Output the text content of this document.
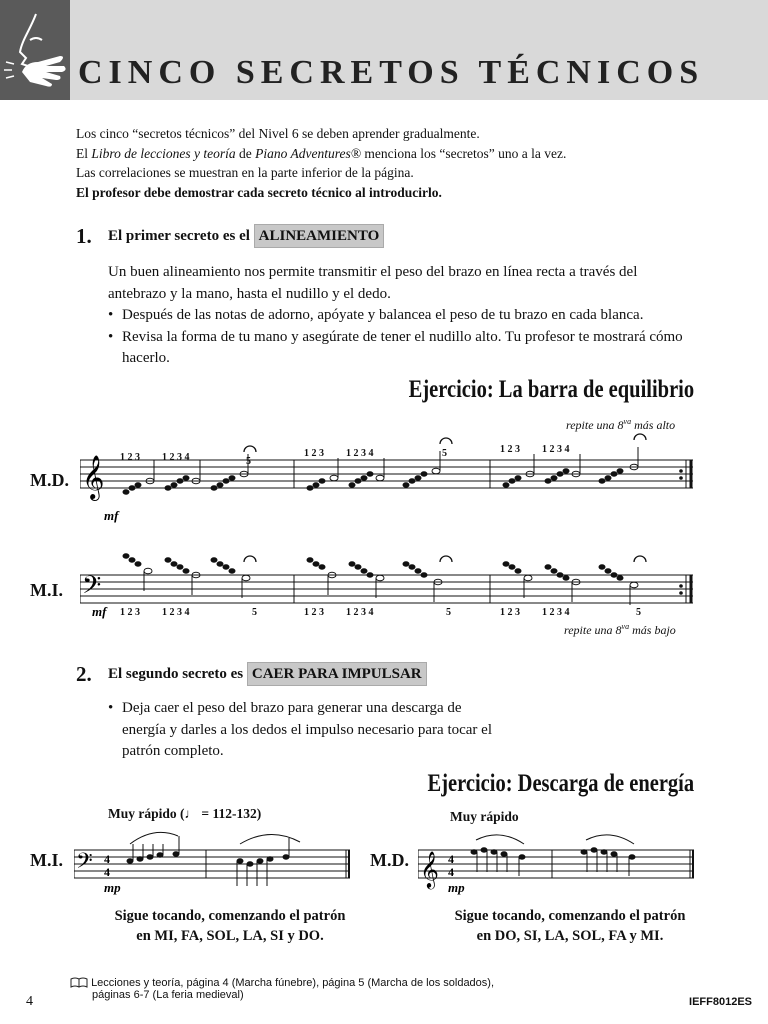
CINCO SECRETOS TÉCNICOS

Los cinco “secretos técnicos” del Nivel 6 se deben aprender gradualmente.

El Libro de lecciones y teoría de Piano Adventures® menciona los “secretos” uno a la vez.

Las correlaciones se muestran en la parte inferior de la página.

El profesor debe demostrar cada secreto técnico al introducirlo.

1. El primer secreto es el ALINEAMIENTO

Un buen alineamiento nos permite transmitir el peso del brazo en línea recta a través del antebrazo y la mano, hasta el nudillo y el dedo.

• Después de las notas de adorno, apóyate y balancea el peso de tu brazo en cada blanca.

• Revisa la forma de tu mano y asegúrate de tener el nudillo alto. Tu profesor te mostrará cómo hacerlo.

Ejercicio: La barra de equilibrio
repite una $8^{va}$ más alto
M.D.
M.I.
𝄞
𝄢
1 2 3 1 2 3 4	5
1 2 3 1 2 3 4	5	1 2 3 1 2 3 4
1 2 3 1 2 3 4	5	1 2 3 1 2 3 4	5	1 2 3 1 2 3 4	5
mf
mf
repite una $8^{va}$ más bajo
2. El segundo secreto es CAER PARA IMPULSAR

• Deja caer el peso del brazo para generar una descarga de energía y darles a los dedos el impulso necesario para tocar el patrón completo.

Ejercicio: Descarga de energía
Muy rápido (♩ = 112-132)	Muy rápido
M.I.	M.D.
𝄢 4
4
mp	𝄞 4
4
mp
Sigue tocando, comenzando el patrón
en MI, FA, SOL, LA, SI y DO.
Sigue tocando, comenzando el patrón
en DO, SI, LA, SOL, FA y MI.
4
Lecciones y teoría, página 4 (Marcha fúnebre), página 5 (Marcha de los soldados),
páginas 6-7 (La feria medieval)
IEFF8012ES
